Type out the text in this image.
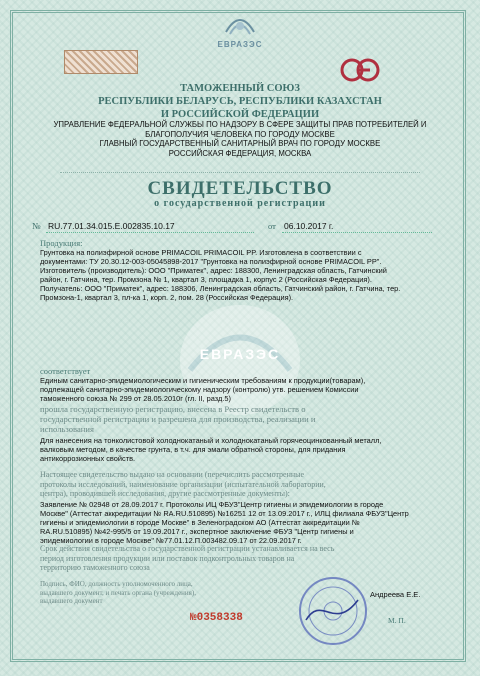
ЕВРАЗЭС
ТАМОЖЕННЫЙ СОЮЗ
РЕСПУБЛИКИ БЕЛАРУСЬ, РЕСПУБЛИКИ КАЗАХСТАН
И РОССИЙСКОЙ ФЕДЕРАЦИИ
УПРАВЛЕНИЕ ФЕДЕРАЛЬНОЙ СЛУЖБЫ ПО НАДЗОРУ В СФЕРЕ ЗАЩИТЫ ПРАВ ПОТРЕБИТЕЛЕЙ И
БЛАГОПОЛУЧИЯ ЧЕЛОВЕКА ПО ГОРОДУ МОСКВЕ
ГЛАВНЫЙ ГОСУДАРСТВЕННЫЙ САНИТАРНЫЙ ВРАЧ ПО ГОРОДУ МОСКВЕ
РОССИЙСКАЯ ФЕДЕРАЦИЯ, МОСКВА
СВИДЕТЕЛЬСТВО
о государственной регистрации
№ RU.77.01.34.015.Е.002835.10.17	от 06.10.2017 г.
ЕВРАЗЭС
Продукция:
Грунтовка на полиэфирной основе PRIMACOIL PRIMACOIL PP. Изготовлена в соответствии с
документами: ТУ 20.30.12-003-05045898-2017 "Грунтовка на полиэфирной основе PRIMACOIL PP".
Изготовитель (производитель): ООО "Приматек", адрес: 188300, Ленинградская область, Гатчинский
район, г. Гатчина, тер. Промзона № 1, квартал 3, площадка 1, корпус 2 (Российская Федерация).
Получатель: ООО "Приматек", адрес: 188306, Ленинградская область, Гатчинский район, г. Гатчина, тер.
Промзона-1, квартал 3, пл-ка 1, корп. 2, пом. 28 (Российская Федерация).
соответствует
Единым санитарно-эпидемиологическим и гигиеническим требованиям к продукции(товарам),
подлежащей санитарно-эпидемиологическому надзору (контролю) утв. решением Комиссии
таможенного союза № 299 от 28.05.2010г (гл. II, разд.5)
прошла государственную регистрацию, внесена в Реестр свидетельств о
государственной регистрации и разрешена для производства, реализации и
использования
Для нанесения на тонколистовой холоднокатаный и холоднокатаный горячеоцинкованный металл,
валковым методом, в качестве грунта, в т.ч. для эмали обратной стороны, для придания
антикоррозионных свойств.
Настоящее свидетельство выдано на основании (перечислить рассмотренные
протоколы исследований, наименование организации (испытательной лаборатории,
центра), проводившей исследования, другие рассмотренные документы):
Заявление № 02948 от 28.09.2017 г. Протоколы ИЦ ФБУЗ"Центр гигиены и эпидемиологии в городе
Москве" (Аттестат аккредитации № RA.RU.510895) №16251 12 от 13.09.2017 г., ИЛЦ филиала ФБУЗ"Центр
гигиены и эпидемиологии в городе Москве" в Зеленоградском АО (Аттестат аккредитации №
RA.RU.510895) №42-995/5 от 19.09.2017 г., экспертное заключение ФБУЗ "Центр гигиены и
эпидемиологии в городе Москве" №77.01.12.П.003482.09.17 от 22.09.2017 г.
Срок действия свидетельства о государственной регистрации устанавливается на весь
период изготовления продукции или поставок подконтрольных товаров на
территорию таможенного союза
Подпись, ФИО, должность уполномоченного лица,
выдавшего документ, и печать органа (учреждения),
выдавшего документ
Андреева Е.Е.
М. П.
№0358338
